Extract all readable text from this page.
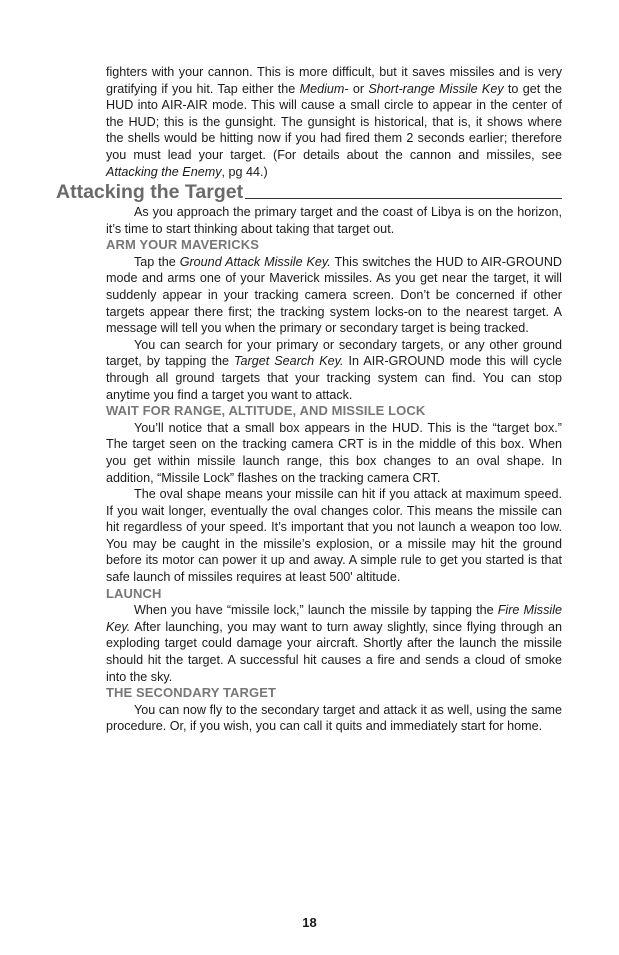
fighters with your cannon. This is more difficult, but it saves missiles and is very gratifying if you hit. Tap either the Medium- or Short-range Missile Key to get the HUD into AIR-AIR mode. This will cause a small circle to appear in the center of the HUD; this is the gunsight. The gunsight is historical, that is, it shows where the shells would be hitting now if you had fired them 2 seconds earlier; therefore you must lead your target. (For details about the cannon and missiles, see Attacking the Enemy, pg 44.)

Attacking the Target

As you approach the primary target and the coast of Libya is on the horizon, it’s time to start thinking about taking that target out.

ARM YOUR MAVERICKS

Tap the Ground Attack Missile Key. This switches the HUD to AIR-GROUND mode and arms one of your Maverick missiles. As you get near the target, it will suddenly appear in your tracking camera screen. Don’t be concerned if other targets appear there first; the tracking system locks-on to the nearest target. A message will tell you when the primary or secondary target is being tracked.

You can search for your primary or secondary targets, or any other ground target, by tapping the Target Search Key. In AIR-GROUND mode this will cycle through all ground targets that your tracking system can find. You can stop anytime you find a target you want to attack.

WAIT FOR RANGE, ALTITUDE, AND MISSILE LOCK

You’ll notice that a small box appears in the HUD. This is the “target box.” The target seen on the tracking camera CRT is in the middle of this box. When you get within missile launch range, this box changes to an oval shape. In addition, “Missile Lock” flashes on the tracking camera CRT.

The oval shape means your missile can hit if you attack at maximum speed. If you wait longer, eventually the oval changes color. This means the missile can hit regardless of your speed. It’s important that you not launch a weapon too low. You may be caught in the missile’s explosion, or a missile may hit the ground before its motor can power it up and away. A simple rule to get you started is that safe launch of missiles requires at least 500' altitude.

LAUNCH

When you have “missile lock,” launch the missile by tapping the Fire Missile Key. After launching, you may want to turn away slightly, since flying through an exploding target could damage your aircraft. Shortly after the launch the missile should hit the target. A successful hit causes a fire and sends a cloud of smoke into the sky.

THE SECONDARY TARGET

You can now fly to the secondary target and attack it as well, using the same procedure. Or, if you wish, you can call it quits and immediately start for home.

18
